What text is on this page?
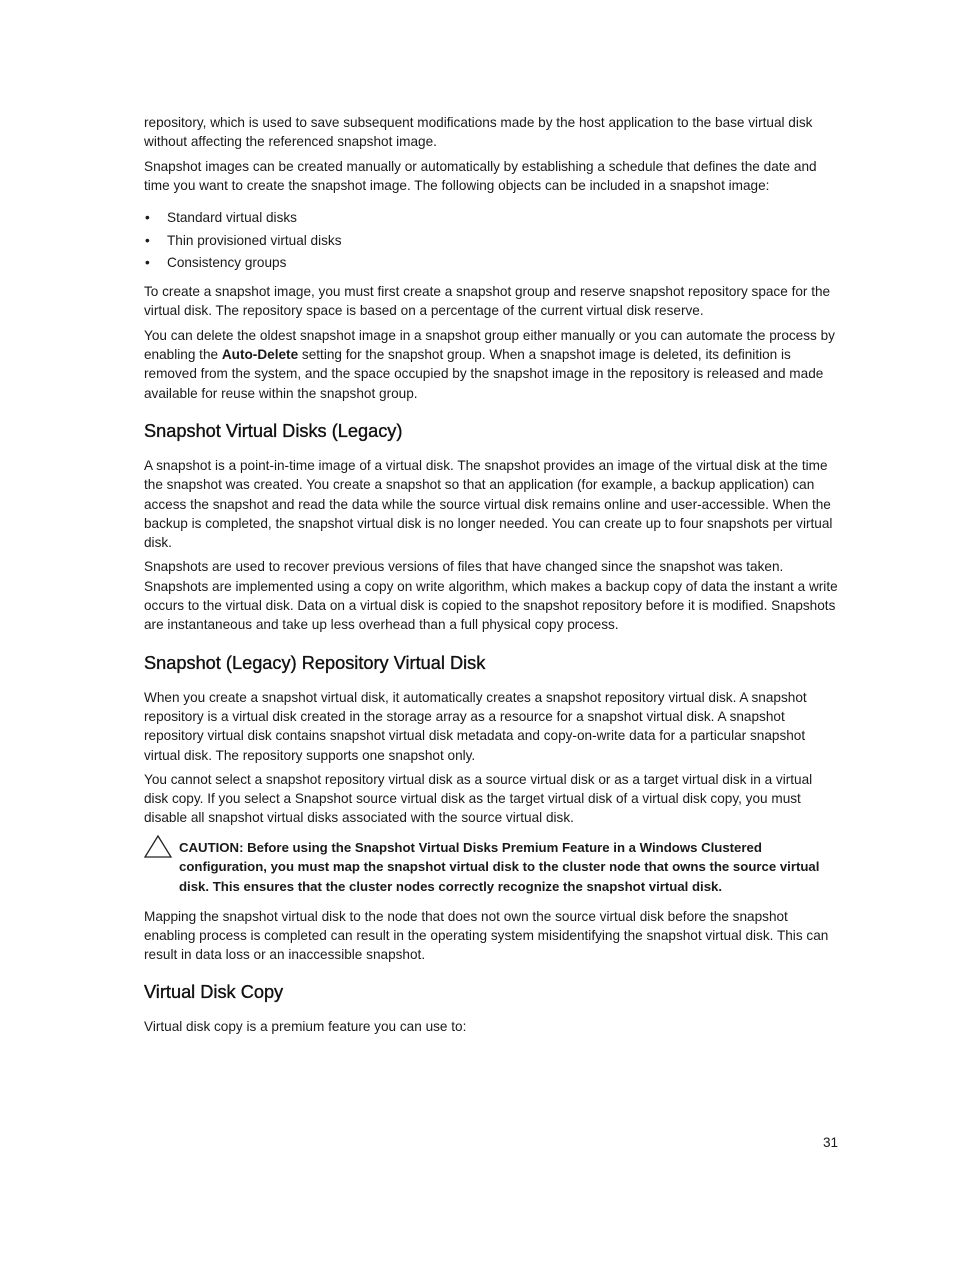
repository, which is used to save subsequent modifications made by the host application to the base virtual disk without affecting the referenced snapshot image.

Snapshot images can be created manually or automatically by establishing a schedule that defines the date and time you want to create the snapshot image. The following objects can be included in a snapshot image:

• Standard virtual disks
• Thin provisioned virtual disks
• Consistency groups

To create a snapshot image, you must first create a snapshot group and reserve snapshot repository space for the virtual disk. The repository space is based on a percentage of the current virtual disk reserve.

You can delete the oldest snapshot image in a snapshot group either manually or you can automate the process by enabling the Auto-Delete setting for the snapshot group. When a snapshot image is deleted, its definition is removed from the system, and the space occupied by the snapshot image in the repository is released and made available for reuse within the snapshot group.

Snapshot Virtual Disks (Legacy)

A snapshot is a point-in-time image of a virtual disk. The snapshot provides an image of the virtual disk at the time the snapshot was created. You create a snapshot so that an application (for example, a backup application) can access the snapshot and read the data while the source virtual disk remains online and user-accessible. When the backup is completed, the snapshot virtual disk is no longer needed. You can create up to four snapshots per virtual disk.

Snapshots are used to recover previous versions of files that have changed since the snapshot was taken. Snapshots are implemented using a copy on write algorithm, which makes a backup copy of data the instant a write occurs to the virtual disk. Data on a virtual disk is copied to the snapshot repository before it is modified. Snapshots are instantaneous and take up less overhead than a full physical copy process.

Snapshot (Legacy) Repository Virtual Disk

When you create a snapshot virtual disk, it automatically creates a snapshot repository virtual disk. A snapshot repository is a virtual disk created in the storage array as a resource for a snapshot virtual disk. A snapshot repository virtual disk contains snapshot virtual disk metadata and copy-on-write data for a particular snapshot virtual disk. The repository supports one snapshot only.

You cannot select a snapshot repository virtual disk as a source virtual disk or as a target virtual disk in a virtual disk copy. If you select a Snapshot source virtual disk as the target virtual disk of a virtual disk copy, you must disable all snapshot virtual disks associated with the source virtual disk.

CAUTION: Before using the Snapshot Virtual Disks Premium Feature in a Windows Clustered configuration, you must map the snapshot virtual disk to the cluster node that owns the source virtual disk. This ensures that the cluster nodes correctly recognize the snapshot virtual disk.

Mapping the snapshot virtual disk to the node that does not own the source virtual disk before the snapshot enabling process is completed can result in the operating system misidentifying the snapshot virtual disk. This can result in data loss or an inaccessible snapshot.

Virtual Disk Copy

Virtual disk copy is a premium feature you can use to:

31
